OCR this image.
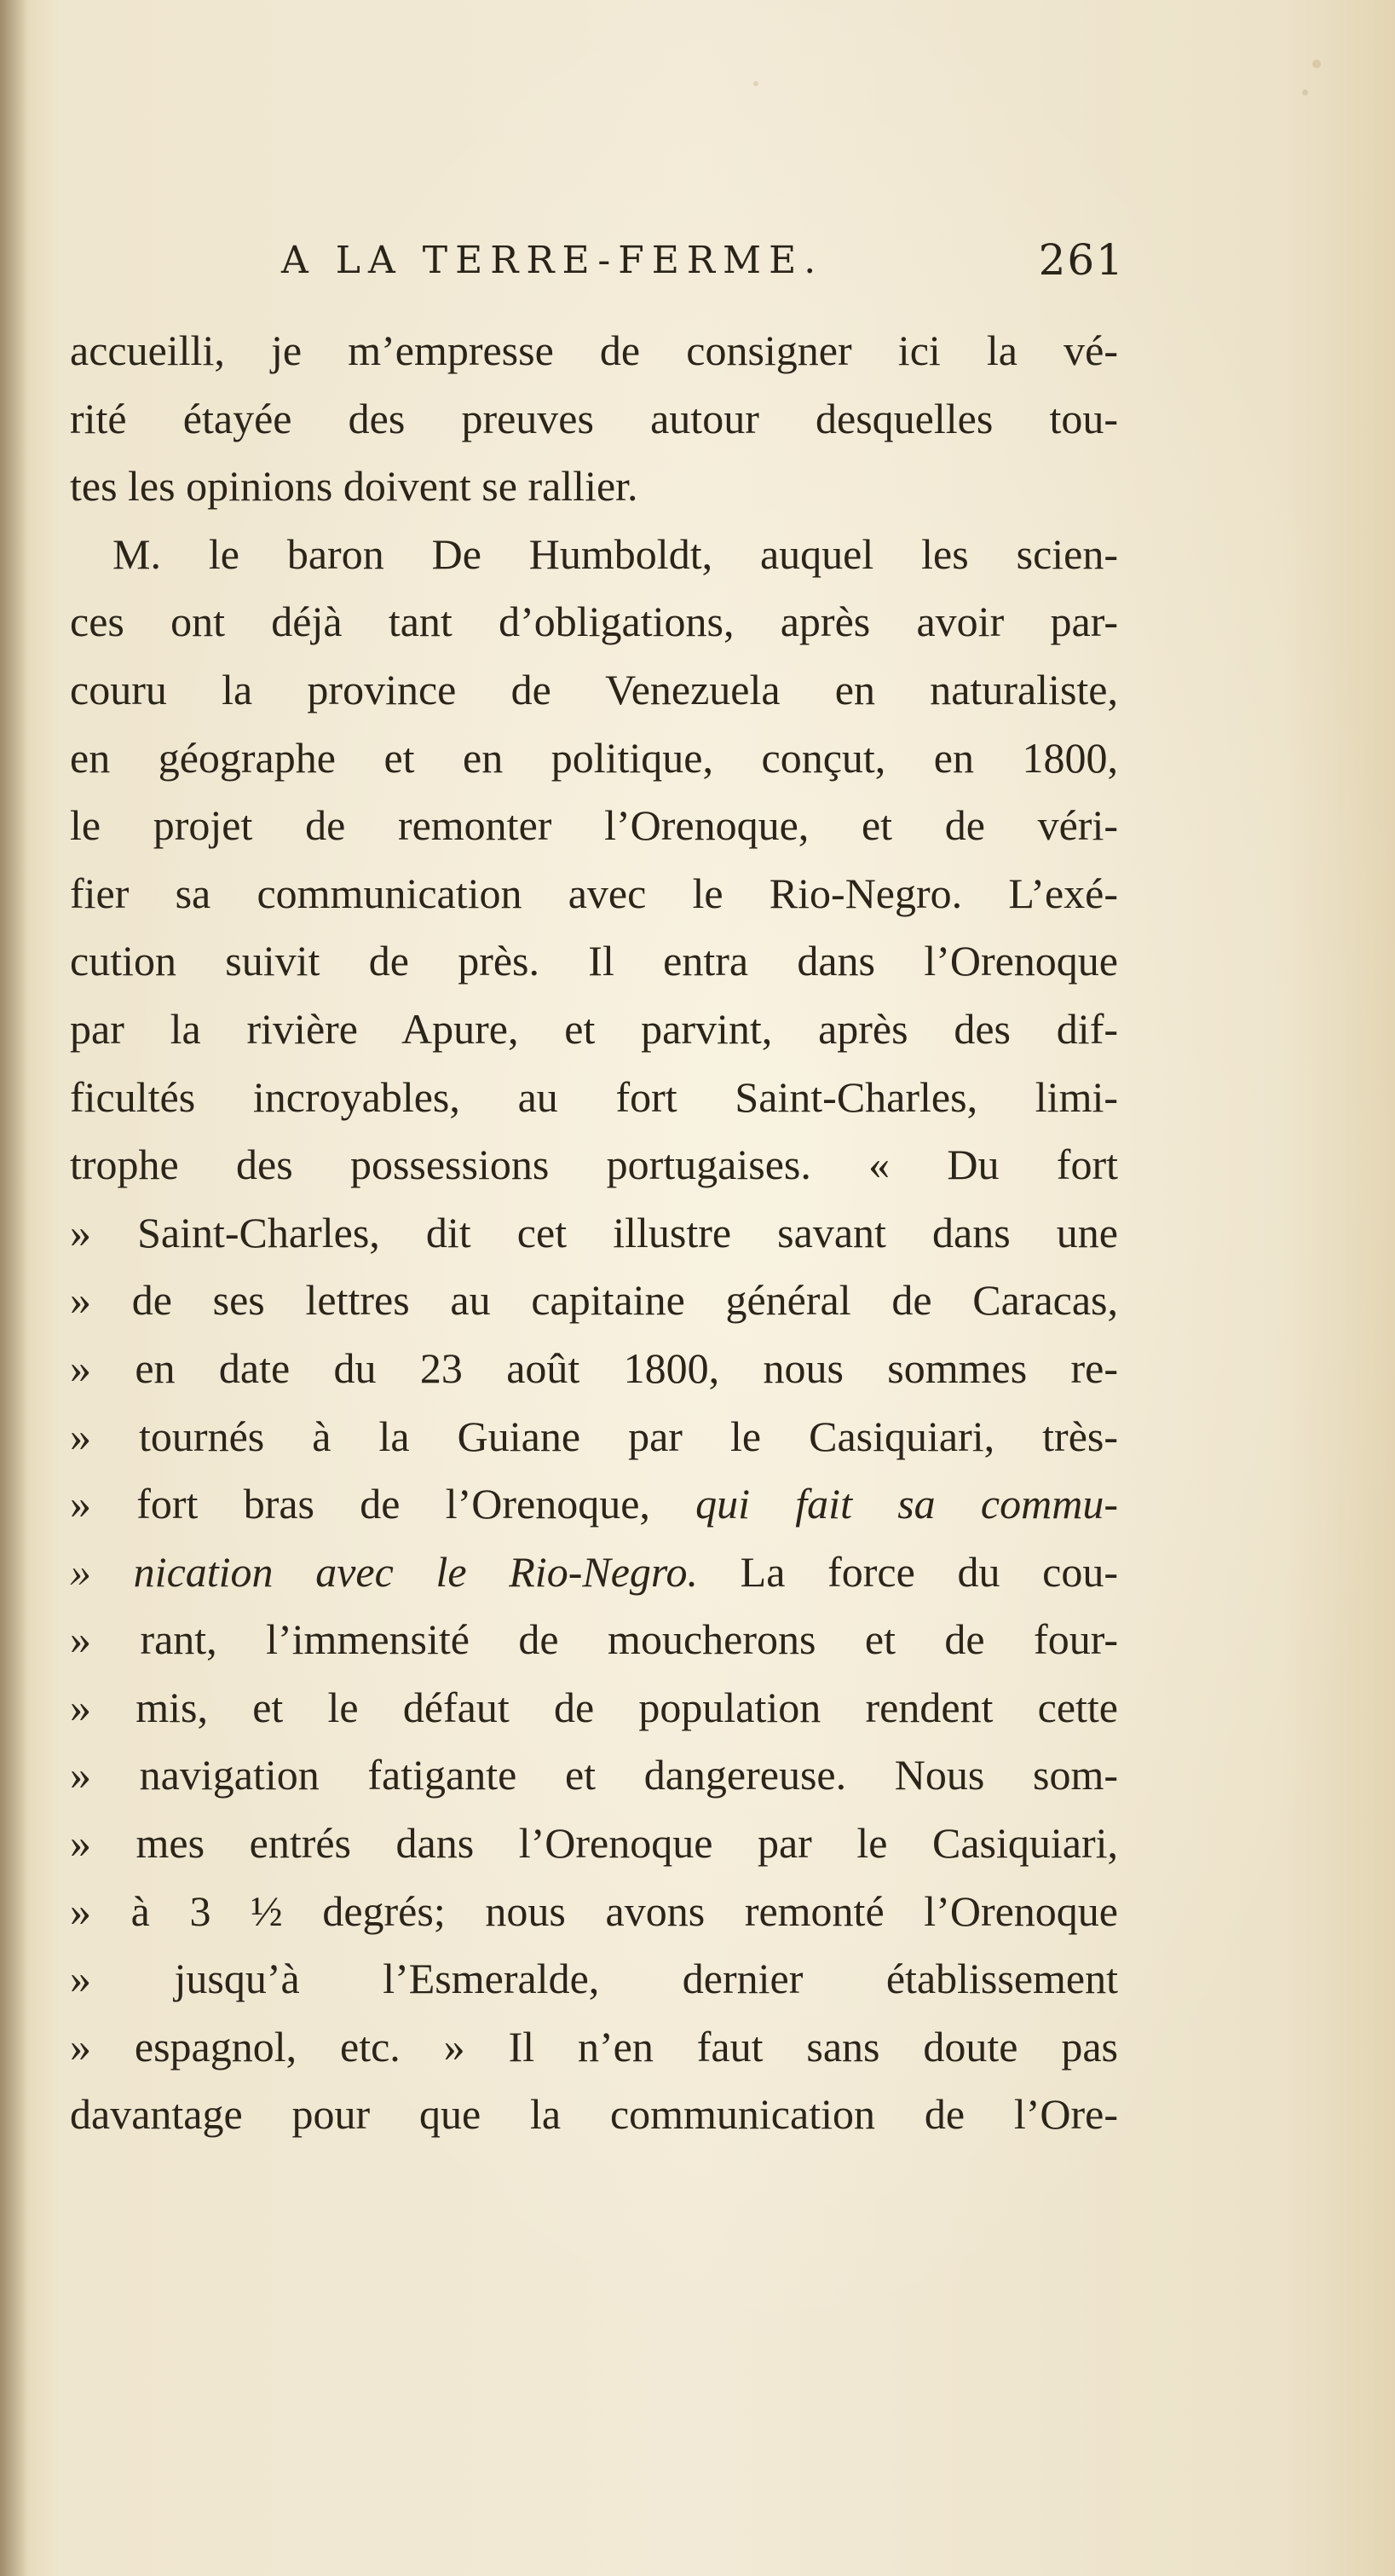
A LA TERRE-FERME.	261
accueilli, je m’empresse de consigner ici la vé-
rité étayée des preuves autour desquelles tou-
tes les opinions doivent se rallier.
M. le baron De Humboldt, auquel les scien-
ces ont déjà tant d’obligations, après avoir par-
couru la province de Venezuela en naturaliste,
en géographe et en politique, conçut, en 1800,
le projet de remonter l’Orenoque, et de véri-
fier sa communication avec le Rio-Negro. L’exé-
cution suivit de près. Il entra dans l’Orenoque
par la rivière Apure, et parvint, après des dif-
ficultés incroyables, au fort Saint-Charles, limi-
trophe des possessions portugaises. « Du fort
» Saint-Charles, dit cet illustre savant dans une
» de ses lettres au capitaine général de Caracas,
» en date du 23 août 1800, nous sommes re-
» tournés à la Guiane par le Casiquiari, très-
» fort bras de l’Orenoque, qui fait sa commu-
» nication avec le Rio-Negro. La force du cou-
» rant, l’immensité de moucherons et de four-
» mis, et le défaut de population rendent cette
» navigation fatigante et dangereuse. Nous som-
» mes entrés dans l’Orenoque par le Casiquiari,
» à 3 ½ degrés; nous avons remonté l’Orenoque
» jusqu’à l’Esmeralde, dernier établissement
» espagnol, etc. » Il n’en faut sans doute pas
davantage pour que la communication de l’Ore-
